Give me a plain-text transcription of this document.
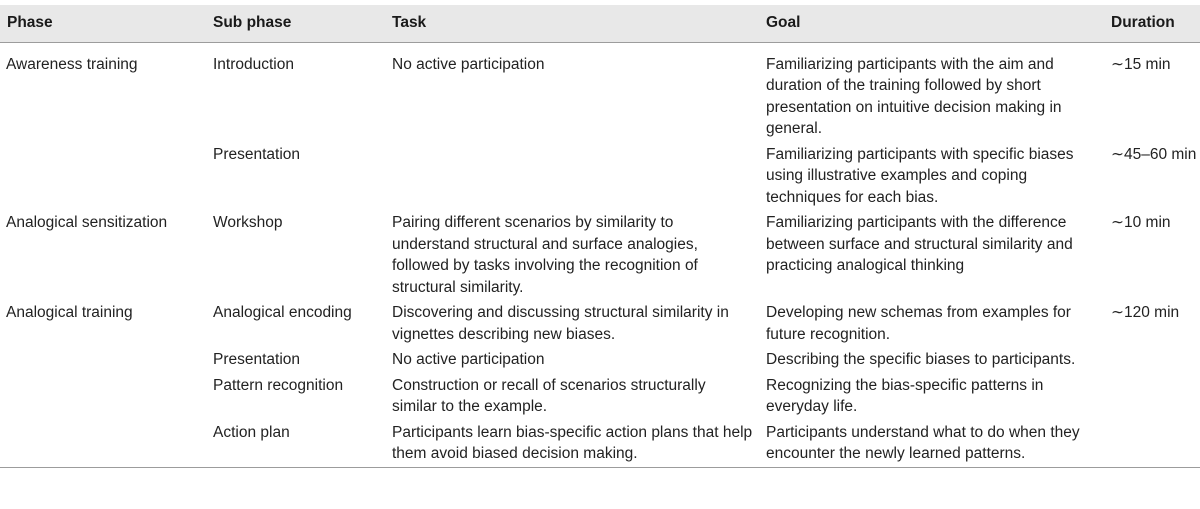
Phase	Sub phase	Task	Goal	Duration
Awareness training	Introduction	No active participation	Familiarizing participants with the aim and duration of the training followed by short presentation on intuitive decision making in general.	∼15 min
	Presentation		Familiarizing participants with specific biases using illustrative examples and coping techniques for each bias.	∼45–60 min
Analogical sensitization	Workshop	Pairing different scenarios by similarity to understand structural and surface analogies, followed by tasks involving the recognition of structural similarity.	Familiarizing participants with the difference between surface and structural similarity and practicing analogical thinking	∼10 min
Analogical training	Analogical encoding	Discovering and discussing structural similarity in vignettes describing new biases.	Developing new schemas from examples for future recognition.	∼120 min
	Presentation	No active participation	Describing the specific biases to participants.	
	Pattern recognition	Construction or recall of scenarios structurally similar to the example.	Recognizing the bias-specific patterns in everyday life.	
	Action plan	Participants learn bias-specific action plans that help them avoid biased decision making.	Participants understand what to do when they encounter the newly learned patterns.	
